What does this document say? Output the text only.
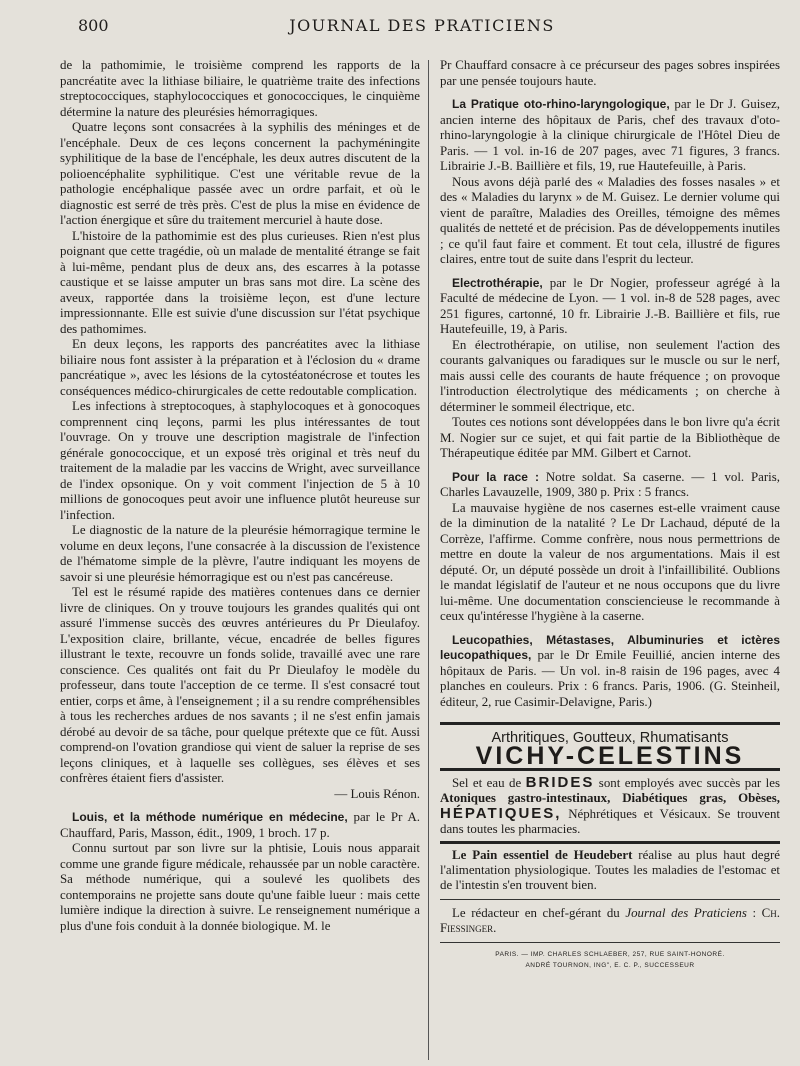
800	JOURNAL DES PRATICIENS

de la pathomimie, le troisième comprend les rapports de la pancréatite avec la lithiase biliaire, le quatrième traite des infections streptococciques, staphylococciques et gonococciques, le cinquième détermine la nature des pleurésies hémorragiques.

Quatre leçons sont consacrées à la syphilis des méninges et de l'encéphale. Deux de ces leçons concernent la pachyméningite syphilitique de la base de l'encéphale, les deux autres discutent de la polioencéphalite syphilitique. C'est une véritable revue de la pathologie encéphalique passée avec un ordre parfait, et où le diagnostic est serré de très près. C'est de plus la mise en évidence de l'action énergique et sûre du traitement mercuriel à haute dose.

L'histoire de la pathomimie est des plus curieuses. Rien n'est plus poignant que cette tragédie, où un malade de mentalité étrange se fait à lui-même, pendant plus de deux ans, des escarres à la potasse caustique et se laisse amputer un bras sans mot dire. La scène des aveux, rapportée dans la troisième leçon, est d'une lecture impressionnante. Elle est suivie d'une discussion sur l'état psychique des pathomimes.

En deux leçons, les rapports des pancréatites avec la lithiase biliaire nous font assister à la préparation et à l'éclosion du « drame pancréatique », avec les lésions de la cytostéatonécrose et toutes les conséquences médico-chirurgicales de cette redoutable complication.

Les infections à streptocoques, à staphylocoques et à gonocoques comprennent cinq leçons, parmi les plus intéressantes de tout l'ouvrage. On y trouve une description magistrale de l'infection générale gonococcique, et un exposé très original et très neuf du traitement de la maladie par les vaccins de Wright, avec surveillance de l'index opsonique. On y voit comment l'injection de 5 à 10 millions de gonocoques peut avoir une influence plutôt heureuse sur l'infection.

Le diagnostic de la nature de la pleurésie hémorragique termine le volume en deux leçons, l'une consacrée à la discussion de l'existence de l'hématome simple de la plèvre, l'autre indiquant les moyens de savoir si une pleurésie hémorragique est ou n'est pas cancéreuse.

Tel est le résumé rapide des matières contenues dans ce dernier livre de cliniques. On y trouve toujours les grandes qualités qui ont assuré l'immense succès des œuvres antérieures du Pr Dieulafoy. L'exposition claire, brillante, vécue, encadrée de belles figures illustrant le texte, recouvre un fonds solide, travaillé avec une rare conscience. Ces qualités ont fait du Pr Dieulafoy le modèle du professeur, dans toute l'acception de ce terme. Il s'est consacré tout entier, corps et âme, à l'enseignement ; il a su rendre compréhensibles à tous les recherches ardues de nos savants ; il ne s'est enfin jamais dérobé au devoir de sa tâche, pour quelque prétexte que ce fût. Aussi comprend-on l'ovation grandiose qui vient de saluer la reprise de ses leçons cliniques, et à laquelle ses collègues, ses élèves et ses confrères étaient fiers d'assister.

— Louis Rénon.

Louis, et la méthode numérique en médecine, par le Pr A. Chauffard, Paris, Masson, édit., 1909, 1 broch. 17 p.

Connu surtout par son livre sur la phtisie, Louis nous apparait comme une grande figure médicale, rehaussée par un noble caractère. Sa méthode numérique, qui a soulevé les quolibets des contemporains ne projette sans doute qu'une faible lueur : mais cette lumière indique la direction à suivre. Le renseignement numérique a plus d'une fois conduit à la donnée biologique. M. le

Pr Chauffard consacre à ce précurseur des pages sobres inspirées par une pensée toujours haute.

La Pratique oto-rhino-laryngologique, par le Dr J. Guisez, ancien interne des hôpitaux de Paris, chef des travaux d'oto-rhino-laryngologie à la clinique chirurgicale de l'Hôtel Dieu de Paris. — 1 vol. in-16 de 207 pages, avec 71 figures, 3 francs. Librairie J.-B. Baillière et fils, 19, rue Hautefeuille, à Paris.

Nous avons déjà parlé des « Maladies des fosses nasales » et des « Maladies du larynx » de M. Guisez. Le dernier volume qui vient de paraître, Maladies des Oreilles, témoigne des mêmes qualités de netteté et de précision. Pas de développements inutiles ; ce qu'il faut faire et comment. Et tout cela, illustré de figures claires, entre tout de suite dans l'esprit du lecteur.

Electrothérapie, par le Dr Nogier, professeur agrégé à la Faculté de médecine de Lyon. — 1 vol. in-8 de 528 pages, avec 251 figures, cartonné, 10 fr. Librairie J.-B. Baillière et fils, rue Hautefeuille, 19, à Paris.

En électrothérapie, on utilise, non seulement l'action des courants galvaniques ou faradiques sur le muscle ou sur le nerf, mais aussi celle des courants de haute fréquence ; on provoque l'introduction électrolytique des médicaments ; on cherche à déterminer le sommeil électrique, etc.

Toutes ces notions sont développées dans le bon livre qu'a écrit M. Nogier sur ce sujet, et qui fait partie de la Bibliothèque de Thérapeutique éditée par MM. Gilbert et Carnot.

Pour la race : Notre soldat. Sa caserne. — 1 vol. Paris, Charles Lavauzelle, 1909, 380 p. Prix : 5 francs.

La mauvaise hygiène de nos casernes est-elle vraiment cause de la diminution de la natalité ? Le Dr Lachaud, député de la Corrèze, l'affirme. Comme confrère, nous nous permettrions de mettre en doute la valeur de nos argumentations. Mais il est député. Or, un député possède un droit à l'infaillibilité. Oublions le mandat législatif de l'auteur et ne nous occupons que du livre lui-même. Une documentation consciencieuse le recommande à ceux qu'intéresse l'hygiène à la caserne.

Leucopathies, Métastases, Albuminuries et ictères leucopathiques, par le Dr Emile Feuillié, ancien interne des hôpitaux de Paris. — Un vol. in-8 raisin de 196 pages, avec 4 planches en couleurs. Prix : 6 francs. Paris, 1906. (G. Steinheil, éditeur, 2, rue Casimir-Delavigne, Paris.)

Arthritiques, Goutteux, Rhumatisants
VICHY-CELESTINS

Sel et eau de BRIDES sont employés avec succès par les Atoniques gastro-intestinaux, Diabétiques gras, Obèses, HÉPATIQUES, Néphrétiques et Vésicaux. Se trouvent dans toutes les pharmacies.

Le Pain essentiel de Heudebert réalise au plus haut degré l'alimentation physiologique. Toutes les maladies de l'estomac et de l'intestin s'en trouvent bien.

Le rédacteur en chef-gérant du Journal des Praticiens : Ch. Fiessinger.

PARIS. — IMP. CHARLES SCHLAEBER, 257, RUE SAINT-HONORÉ.
ANDRÉ TOURNON, ING", E. C. P., SUCCESSEUR
